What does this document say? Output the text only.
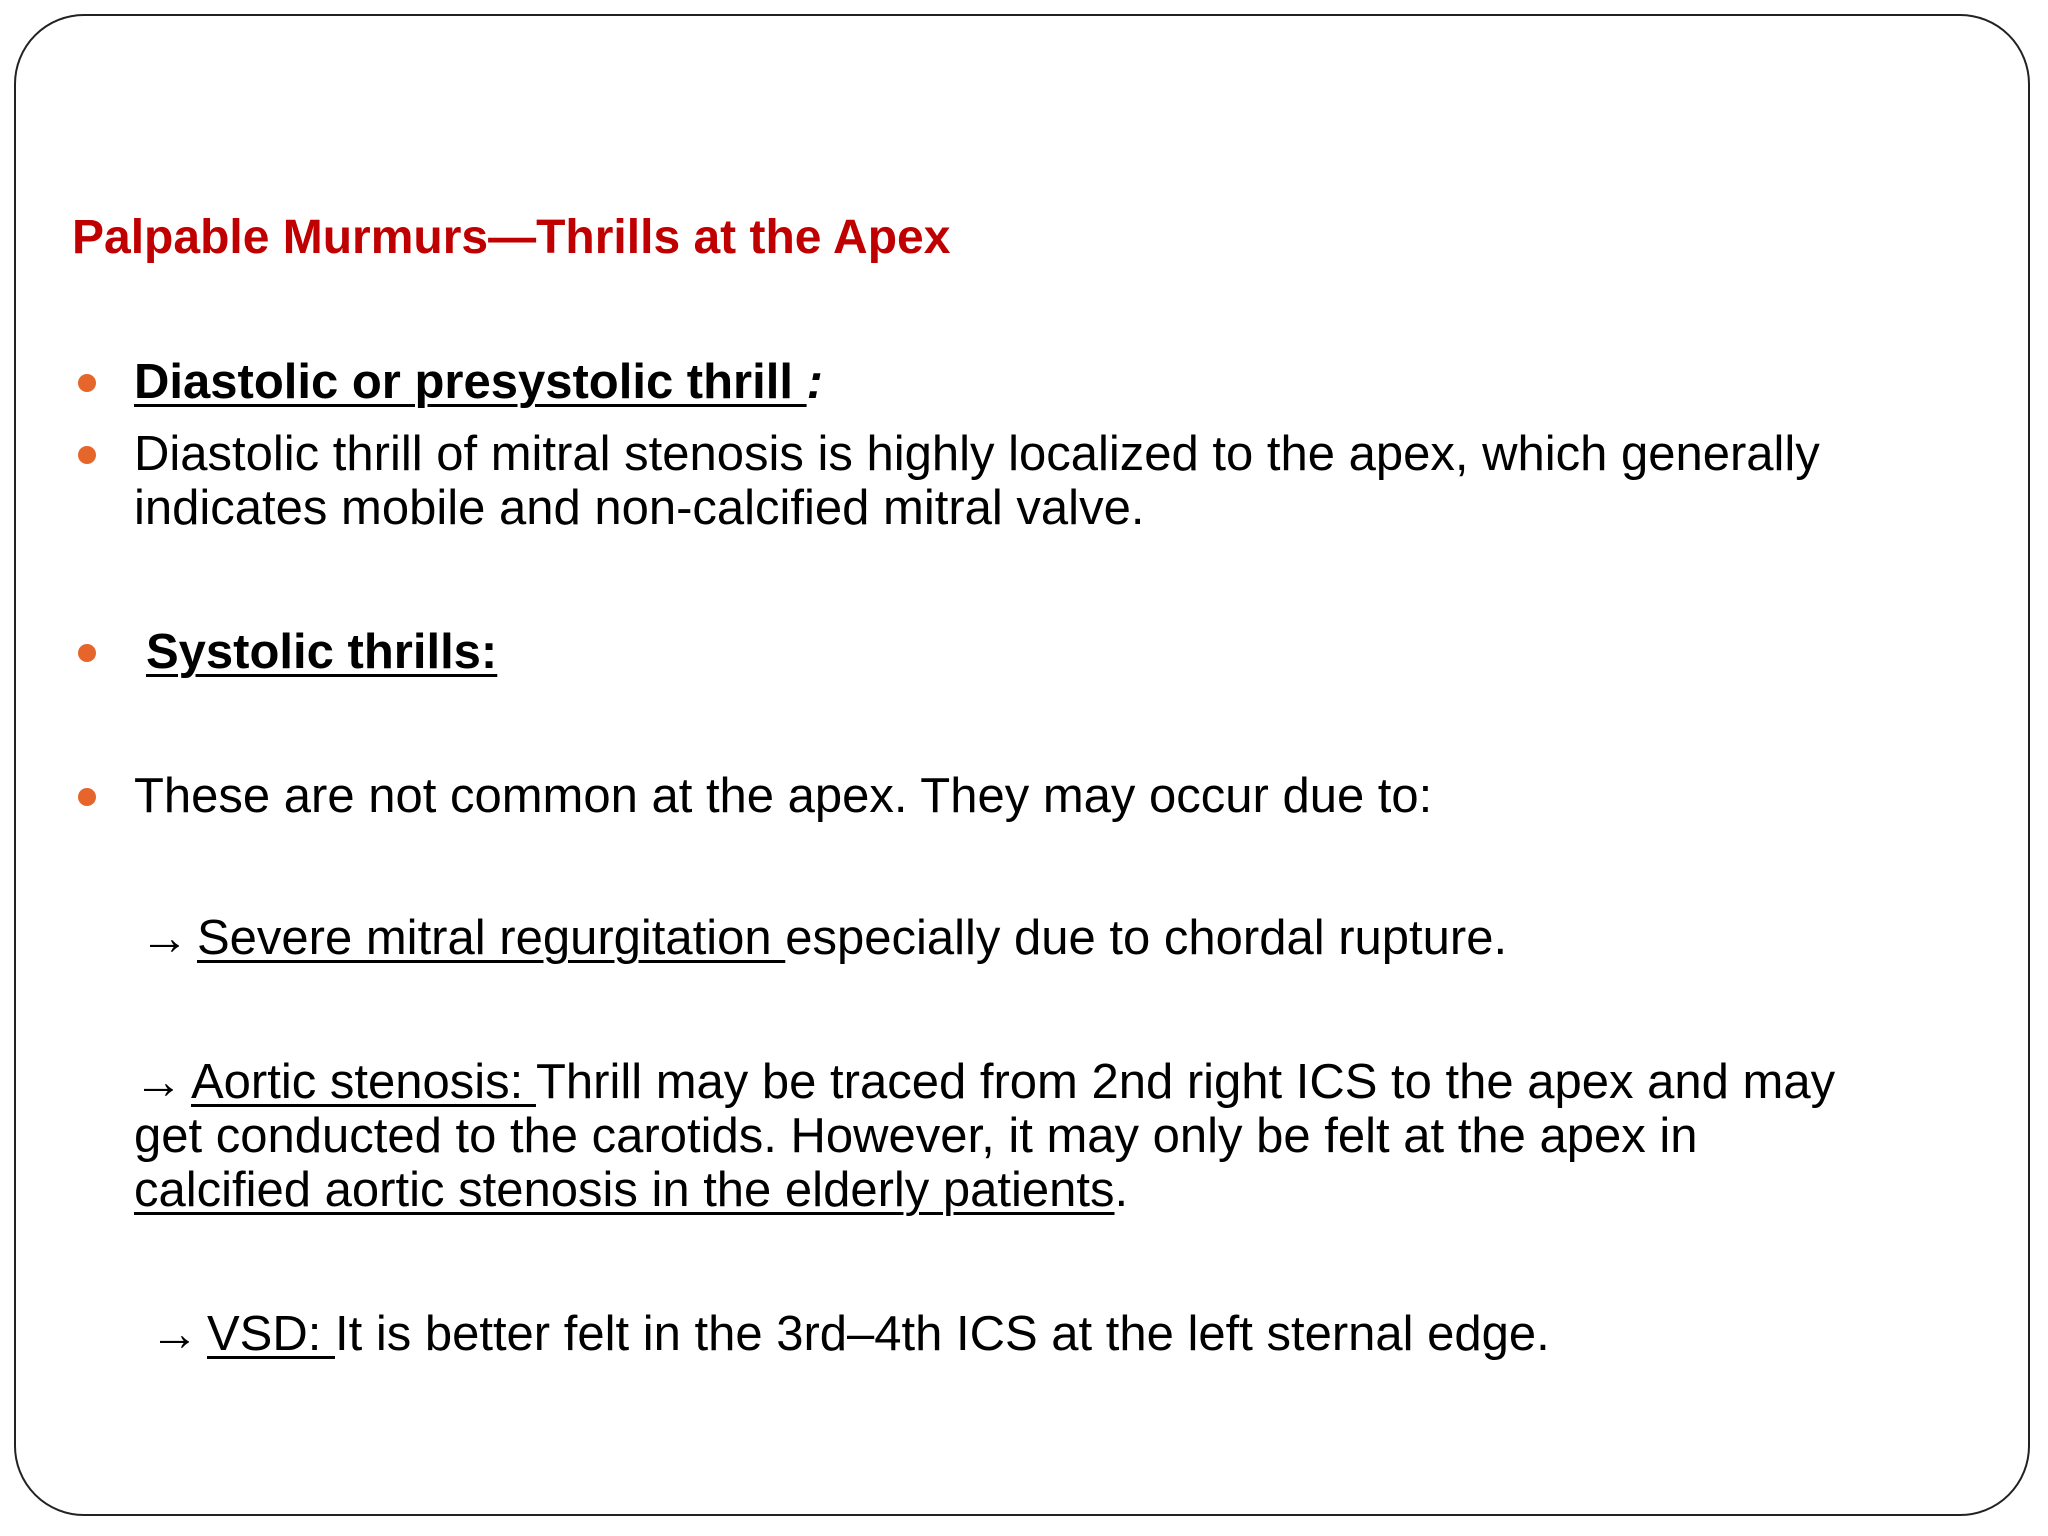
Palpable Murmurs—Thrills at the Apex
Diastolic or presystolic thrill :
Diastolic thrill of mitral stenosis is highly localized to the apex, which generally
indicates mobile and non-calcified mitral valve.
Systolic thrills:
These are not common at the apex. They may occur due to:
→ Severe mitral regurgitation especially due to chordal rupture.
→ Aortic stenosis: Thrill may be traced from 2nd right ICS to the apex and may
get conducted to the carotids. However, it may only be felt at the apex in
calcified aortic stenosis in the elderly patients.
→ VSD: It is better felt in the 3rd–4th ICS at the left sternal edge.
